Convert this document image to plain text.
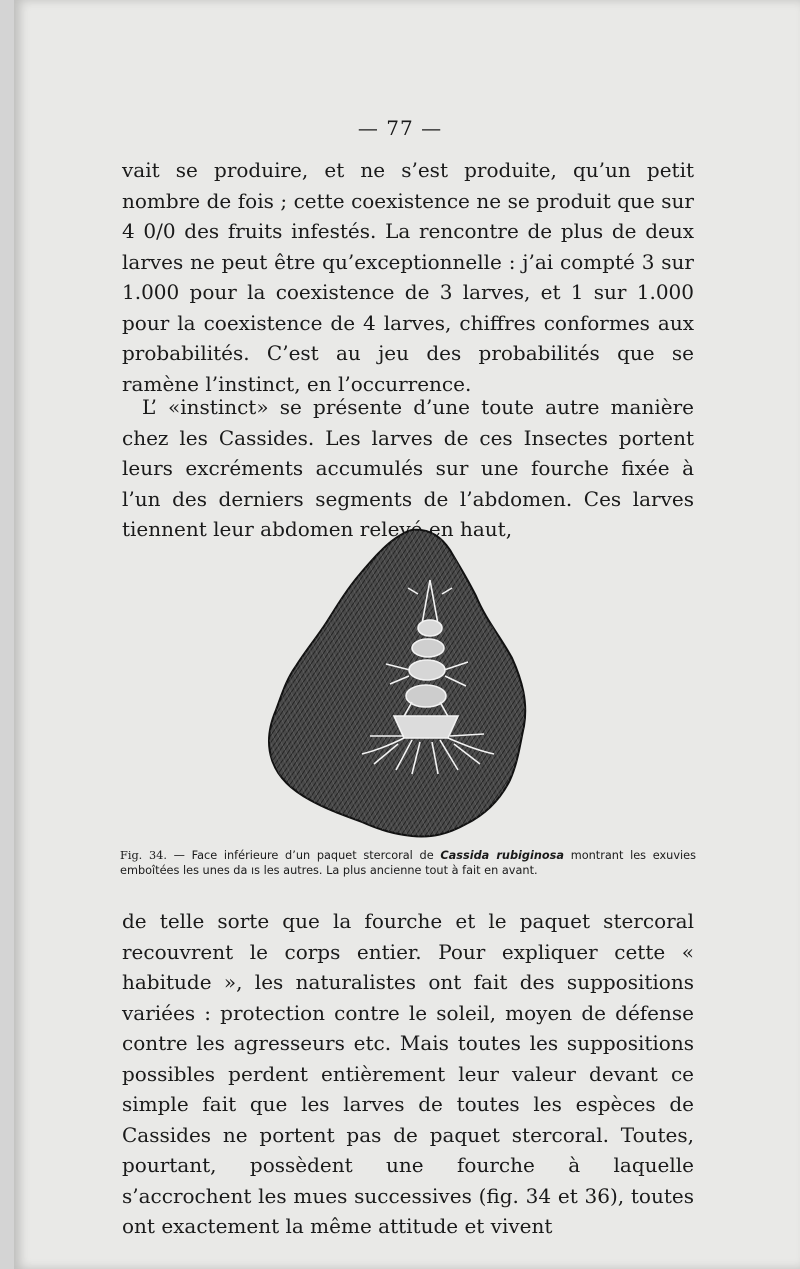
— 77 —

vait se produire, et ne s’est produite, qu’un petit nombre de fois ; cette coexistence ne se produit que sur 4 0/0 des fruits infestés. La rencontre de plus de deux larves ne peut être qu’exceptionnelle : j’ai compté 3 sur 1.000 pour la coexistence de 3 larves, et 1 sur 1.000 pour la coexistence de 4 larves, chiffres conformes aux probabilités. C’est au jeu des probabilités que se ramène l’instinct, en l’occurrence.

L’ «instinct» se présente d’une toute autre manière chez les Cassides. Les larves de ces Insectes portent leurs excréments accumulés sur une fourche fixée à l’un des derniers segments de l’abdomen. Ces larves tiennent leur abdomen relevé en haut,

Fig. 34. — Face inférieure d’un paquet stercoral de Cassida rubiginosa montrant les exuvies emboîtées les unes da ıs les autres. La plus ancienne tout à fait en avant.

de telle sorte que la fourche et le paquet stercoral recouvrent le corps entier. Pour expliquer cette « habitude », les naturalistes ont fait des suppositions variées : protection contre le soleil, moyen de défense contre les agresseurs etc. Mais toutes les suppositions possibles perdent entièrement leur valeur devant ce simple fait que les larves de toutes les espèces de Cassides ne portent pas de paquet stercoral. Toutes, pourtant, possèdent une fourche à laquelle s’accrochent les mues successives (fig. 34 et 36), toutes ont exactement la même attitude et vivent
